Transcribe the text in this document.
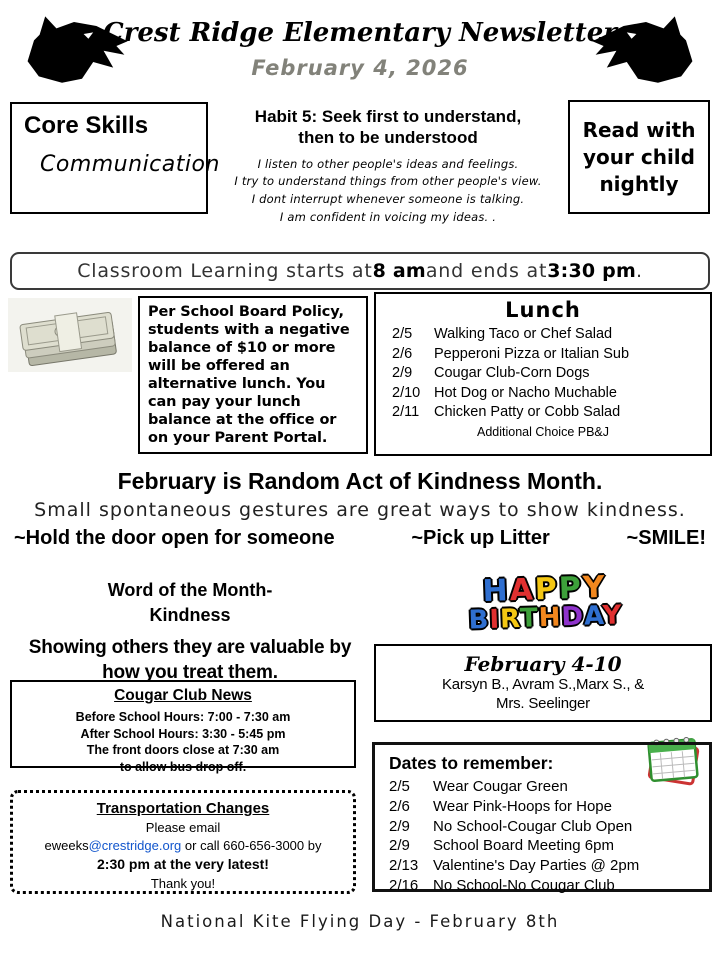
Crest Ridge Elementary Newsletter
February 4, 2026
Core Skills
Communication
Habit 5: Seek first to understand,
then to be understood
I listen to other people's ideas and feelings.
I try to understand things from other people's view.
I dont interrupt whenever someone is talking.
I am confident in voicing my ideas. .
Read with
your child
nightly
Classroom Learning starts at 8 am and ends at 3:30 pm .
Per School Board Policy, students with a negative balance of $10 or more will be offered an alternative lunch. You can pay your lunch balance at the office or on your Parent Portal.
Lunch
2/5	Walking Taco or Chef Salad
2/6	Pepperoni Pizza or Italian Sub
2/9	Cougar Club-Corn Dogs
2/10 Hot Dog or Nacho Muchable
2/11	Chicken Patty or Cobb Salad
Additional Choice PB&J
February is Random Act of Kindness Month.
Small spontaneous gestures are great ways to show kindness.
~Hold the door open for someone	~Pick up Litter	~SMILE!
Word of the Month-
Kindness
Showing others they are valuable by
how you treat them.
HAPPY
BIRTHDAY
February 4-10
Karsyn B., Avram S.,Marx S., &
Mrs. Seelinger
Cougar Club News
Before School Hours: 7:00 - 7:30 am
After School Hours: 3:30 - 5:45 pm
The front doors close at 7:30 am
to allow bus drop off.
Transportation Changes
Please email
eweeks@crestridge.org or call 660-656-3000 by
2:30 pm at the very latest!
Thank you!
Dates to remember:
2/5	Wear Cougar Green
2/6	Wear Pink-Hoops for Hope
2/9	No School-Cougar Club Open
2/9	School Board Meeting 6pm
2/13 Valentine's Day Parties @ 2pm
2/16 No School-No Cougar Club
National Kite Flying Day - February 8th
